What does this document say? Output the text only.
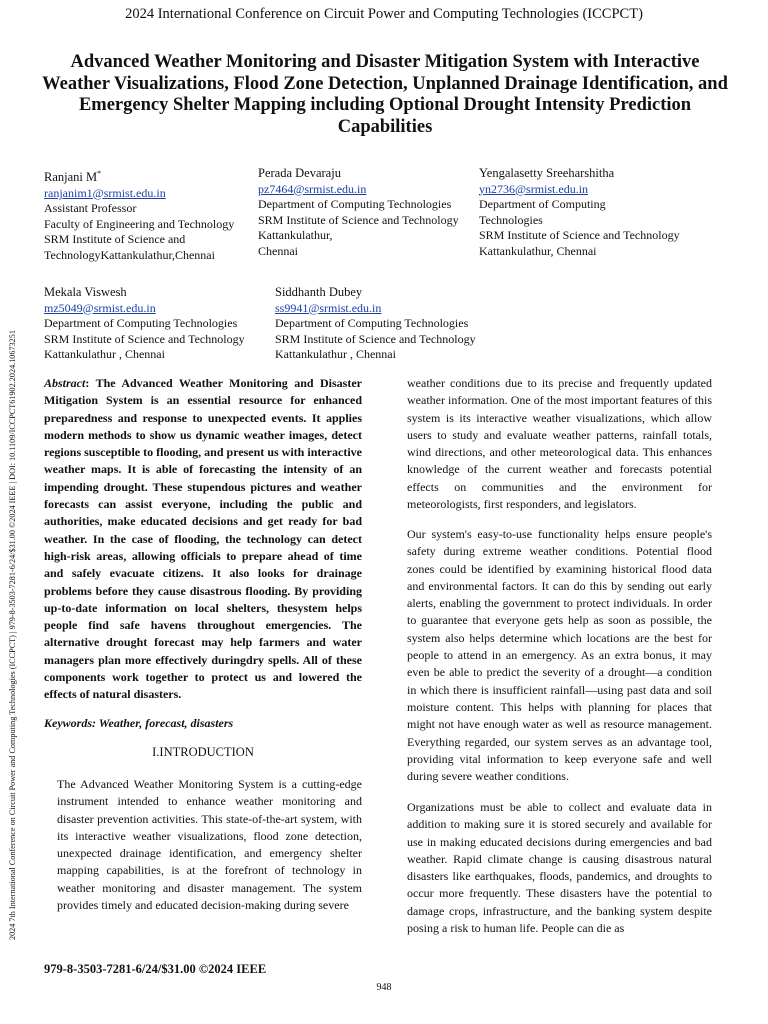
2024 International Conference on Circuit Power and Computing Technologies (ICCPCT)
Advanced Weather Monitoring and Disaster Mitigation System with Interactive Weather Visualizations, Flood Zone Detection, Unplanned Drainage Identification, and Emergency Shelter Mapping including Optional Drought Intensity Prediction Capabilities
2024 7th International Conference on Circuit Power and Computing Technologies (ICCPCT) | 979-8-3503-7281-6/24/$31.00 ©2024 IEEE | DOI: 10.1109/ICCPCT61902.2024.10673251
Ranjani M*
ranjanim1@srmist.edu.in
Assistant Professor
Faculty of Engineering and Technology
SRM Institute of Science and
TechnologyKattankulathur,Chennai
Perada Devaraju
pz7464@srmist.edu.in
Department of Computing Technologies
SRM Institute of Science and Technology
Kattankulathur,
Chennai
Yengalasetty Sreeharshitha
yn2736@srmist.edu.in
Department of Computing
Technologies
SRM Institute of Science and Technology
Kattankulathur, Chennai
Mekala Viswesh
mz5049@srmist.edu.in
Department of Computing Technologies
SRM Institute of Science and Technology
Kattankulathur , Chennai
Siddhanth Dubey
ss9941@srmist.edu.in
Department of Computing Technologies
SRM Institute of Science and Technology
Kattankulathur , Chennai

Abstract: The Advanced Weather Monitoring and Disaster Mitigation System is an essential resource for enhanced preparedness and response to unexpected events. It applies modern methods to show us dynamic weather images, detect regions susceptible to flooding, and present us with interactive weather maps. It is able of forecasting the intensity of an impending drought. These stupendous pictures and weather forecasts can assist everyone, including the public and authorities, make educated decisions and get ready for bad weather. In the case of flooding, the technology can detect high-risk areas, allowing officials to prepare ahead of time and safely evacuate citizens. It also looks for drainage problems before they cause disastrous flooding. By providing up-to-date information on local shelters, thesystem helps people find safe havens throughout emergencies. The alternative drought forecast may help farmers and water managers plan more effectively duringdry spells. All of these components work together to protect us and lowered the effects of natural disasters.

Keywords: Weather, forecast, disasters
I.INTRODUCTION

The Advanced Weather Monitoring System is a cutting-edge instrument intended to enhance weather monitoring and disaster prevention activities. This state-of-the-art system, with its interactive weather visualizations, flood zone detection, unexpected drainage identification, and emergency shelter mapping capabilities, is at the forefront of technology in weather monitoring and disaster management. The system provides timely and educated decision-making during severe

weather conditions due to its precise and frequently updated weather information. One of the most important features of this system is its interactive weather visualizations, which allow users to study and evaluate weather patterns, rainfall totals, wind directions, and other meteorological data. This enhances knowledge of the current weather and forecasts potential effects on communities and the environment for meteorologists, first responders, and legislators.

Our system's easy-to-use functionality helps ensure people's safety during extreme weather conditions. Potential flood zones could be identified by examining historical flood data and environmental factors. It can do this by sending out early alerts, enabling the government to protect individuals. In order to guarantee that everyone gets help as soon as possible, the system also helps determine which locations are the best for people to attend in an emergency. As an extra bonus, it may even be able to predict the severity of a drought—a condition in which there is insufficient rainfall—using past data and soil moisture content. This helps with planning for places that might not have enough water as well as resource management. Everything regarded, our system serves as an advantage tool, providing vital information to keep everyone safe and well during severe weather conditions.

Organizations must be able to collect and evaluate data in addition to making sure it is stored securely and available for use in making educated decisions during emergencies and bad weather. Rapid climate change is causing disastrous natural disasters like earthquakes, floods, pandemics, and droughts to occur more frequently. These disasters have the potential to damage crops, infrastructure, and the banking system despite posing a risk to human life. People can die as

979-8-3503-7281-6/24/$31.00 ©2024 IEEE
948
